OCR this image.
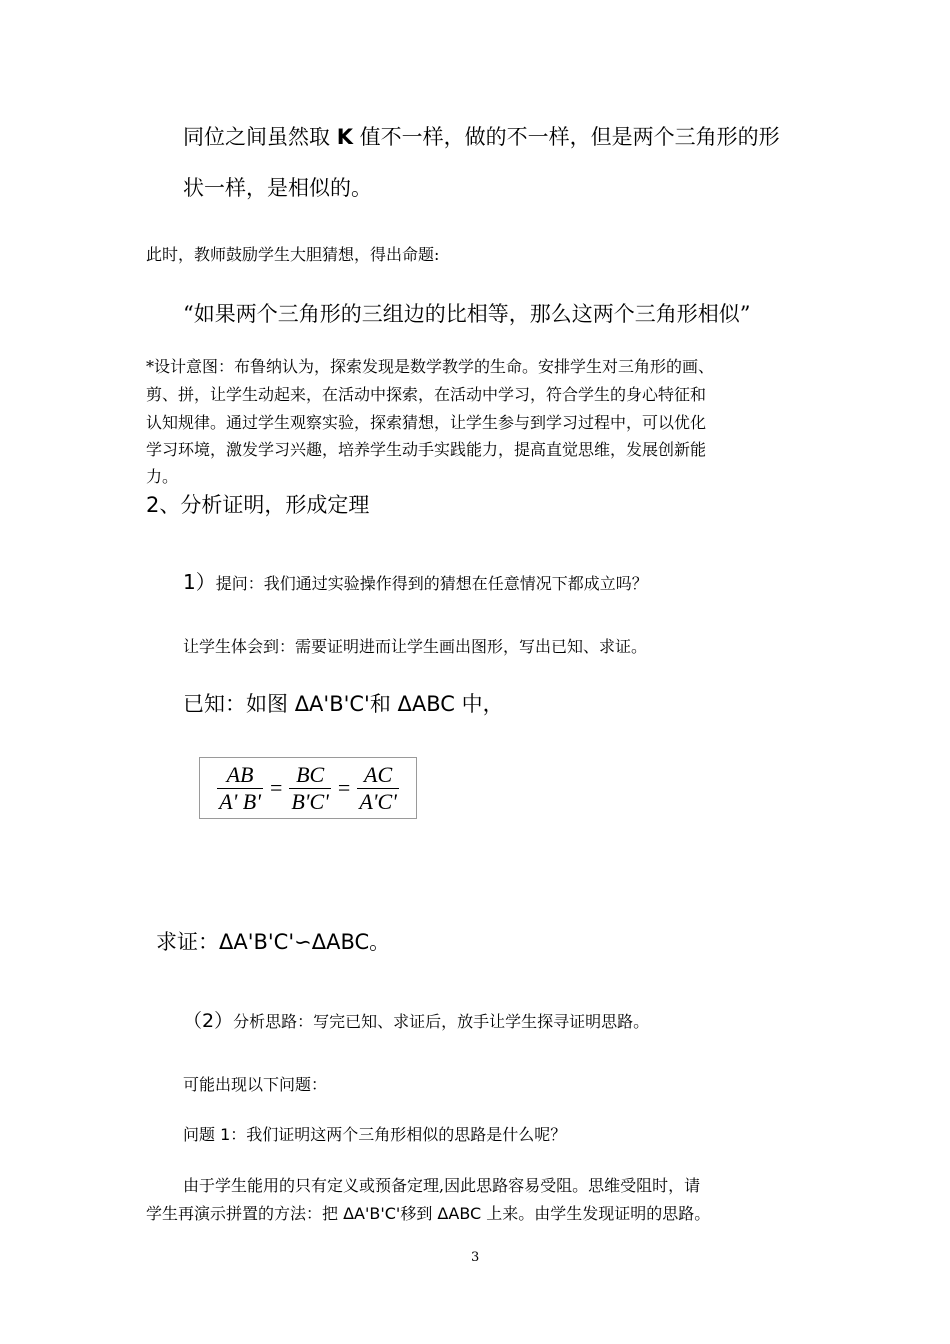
同位之间虽然取 K 值不一样，做的不一样，但是两个三角形的形
状一样，是相似的。
此时，教师鼓励学生大胆猜想，得出命题:
“如果两个三角形的三组边的比相等，那么这两个三角形相似”
*设计意图：布鲁纳认为，探索发现是数学教学的生命。安排学生对三角形的画、
剪、拼，让学生动起来，在活动中探索，在活动中学习，符合学生的身心特征和
认知规律。通过学生观察实验，探索猜想，让学生参与到学习过程中，可以优化
学习环境，激发学习兴趣，培养学生动手实践能力，提高直觉思维，发展创新能
力。
2、分析证明，形成定理
1）提问：我们通过实验操作得到的猜想在任意情况下都成立吗？
让学生体会到：需要证明进而让学生画出图形，写出已知、求证。
已知：如图 ΔA'B'C'和 ΔABC 中，
$\frac{AB}{A' B'} = \frac{BC}{B'C'} = \frac{AC}{A'C'}$
求证：ΔA'B'C'∽ΔABC。
（2）分析思路：写完已知、求证后，放手让学生探寻证明思路。
可能出现以下问题：
问题 1：我们证明这两个三角形相似的思路是什么呢？
由于学生能用的只有定义或预备定理,因此思路容易受阻。思维受阻时，请
学生再演示拼置的方法：把 ΔA'B'C'移到 ΔABC 上来。由学生发现证明的思路。
3
